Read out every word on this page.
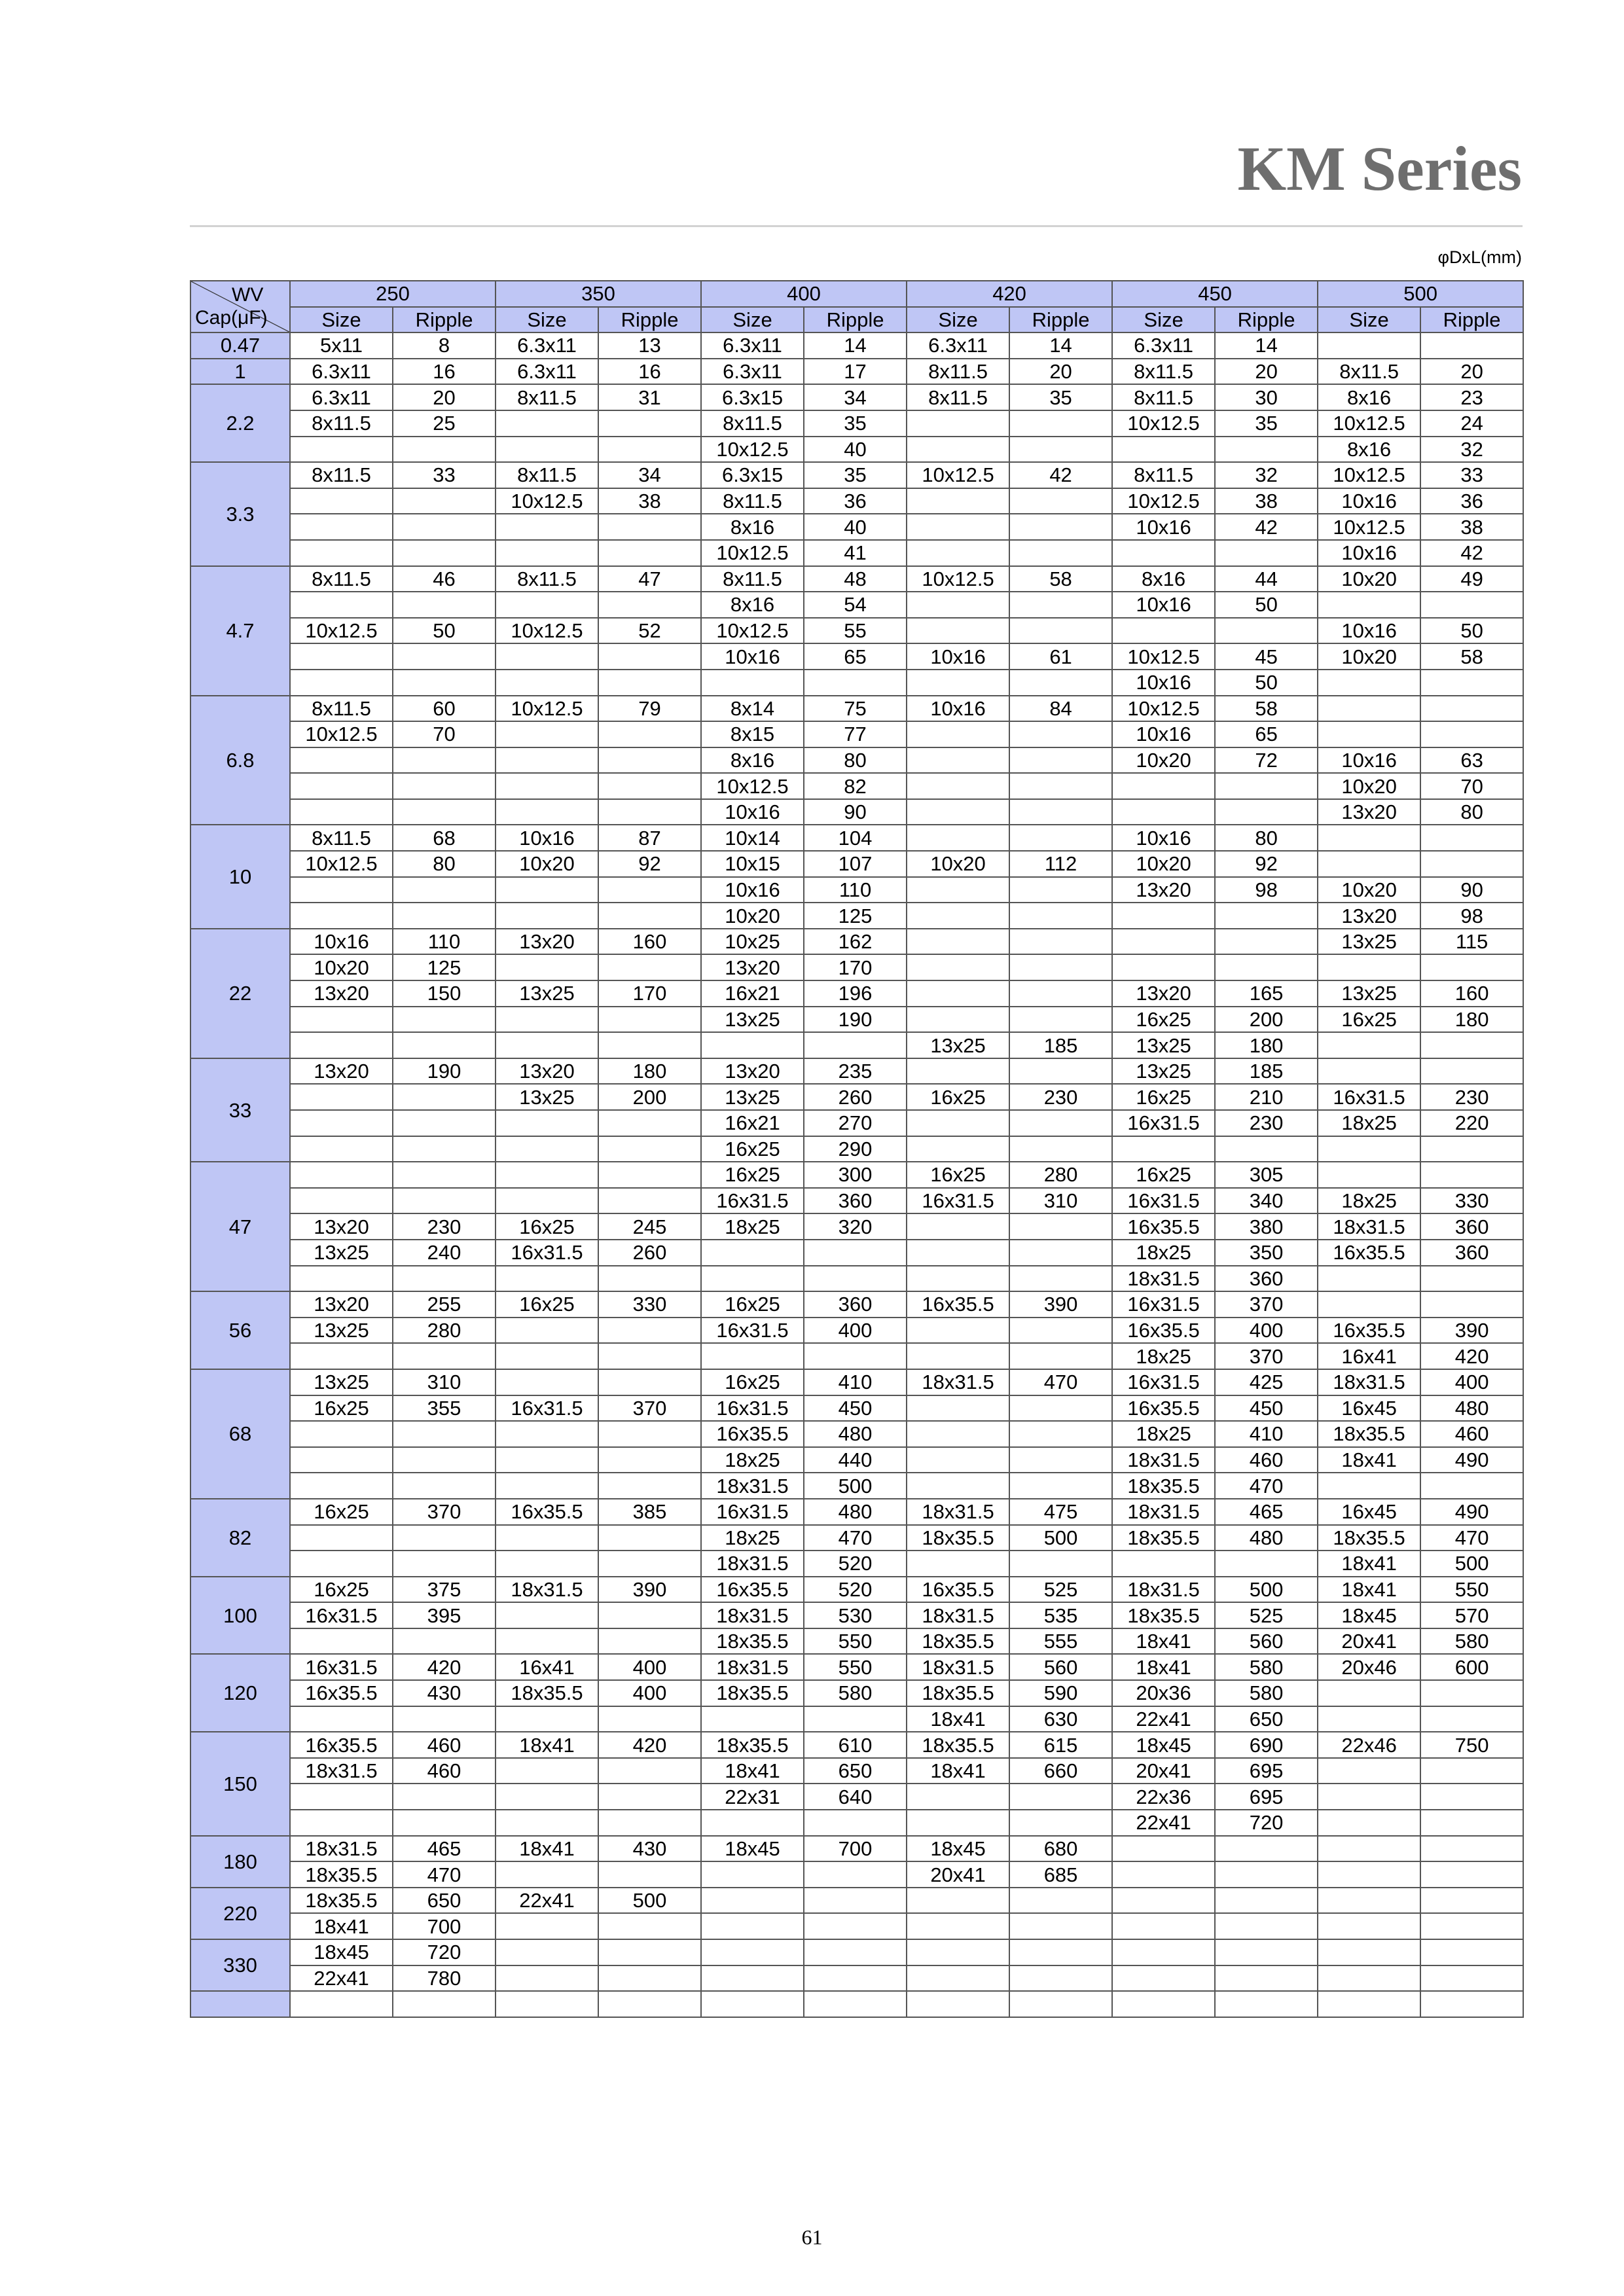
KM Series
φDxL(mm)
WV
Cap(μF)	250		350		400		420		450		500	
	Size	Ripple	Size	Ripple	Size	Ripple	Size	Ripple	Size	Ripple	Size	Ripple
0.47	5x11	8	6.3x11	13	6.3x11	14	6.3x11	14	6.3x11	14		
1	6.3x11	16	6.3x11	16	6.3x11	17	8x11.5	20	8x11.5	20	8x11.5	20
2.2	6.3x11	20	8x11.5	31	6.3x15	34	8x11.5	35	8x11.5	30	8x16	23
	8x11.5	25			8x11.5	35			10x12.5	35	10x12.5	24
					10x12.5	40					8x16	32
3.3	8x11.5	33	8x11.5	34	6.3x15	35	10x12.5	42	8x11.5	32	10x12.5	33
			10x12.5	38	8x11.5	36			10x12.5	38	10x16	36
					8x16	40			10x16	42	10x12.5	38
					10x12.5	41					10x16	42
4.7	8x11.5	46	8x11.5	47	8x11.5	48	10x12.5	58	8x16	44	10x20	49
					8x16	54			10x16	50		
	10x12.5	50	10x12.5	52	10x12.5	55					10x16	50
					10x16	65	10x16	61	10x12.5	45	10x20	58
									10x16	50		
6.8	8x11.5	60	10x12.5	79	8x14	75	10x16	84	10x12.5	58		
	10x12.5	70			8x15	77			10x16	65		
					8x16	80			10x20	72	10x16	63
					10x12.5	82					10x20	70
					10x16	90					13x20	80
10	8x11.5	68	10x16	87	10x14	104			10x16	80		
	10x12.5	80	10x20	92	10x15	107	10x20	112	10x20	92		
					10x16	110			13x20	98	10x20	90
					10x20	125					13x20	98
22	10x16	110	13x20	160	10x25	162					13x25	115
	10x20	125			13x20	170						
	13x20	150	13x25	170	16x21	196			13x20	165	13x25	160
					13x25	190			16x25	200	16x25	180
							13x25	185	13x25	180		
33	13x20	190	13x20	180	13x20	235			13x25	185		
			13x25	200	13x25	260	16x25	230	16x25	210	16x31.5	230
					16x21	270			16x31.5	230	18x25	220
					16x25	290						
47					16x25	300	16x25	280	16x25	305		
					16x31.5	360	16x31.5	310	16x31.5	340	18x25	330
	13x20	230	16x25	245	18x25	320			16x35.5	380	18x31.5	360
	13x25	240	16x31.5	260					18x25	350	16x35.5	360
									18x31.5	360		
56	13x20	255	16x25	330	16x25	360	16x35.5	390	16x31.5	370		
	13x25	280			16x31.5	400			16x35.5	400	16x35.5	390
									18x25	370	16x41	420
68	13x25	310			16x25	410	18x31.5	470	16x31.5	425	18x31.5	400
	16x25	355	16x31.5	370	16x31.5	450			16x35.5	450	16x45	480
					16x35.5	480			18x25	410	18x35.5	460
					18x25	440			18x31.5	460	18x41	490
					18x31.5	500			18x35.5	470		
82	16x25	370	16x35.5	385	16x31.5	480	18x31.5	475	18x31.5	465	16x45	490
					18x25	470	18x35.5	500	18x35.5	480	18x35.5	470
					18x31.5	520					18x41	500
100	16x25	375	18x31.5	390	16x35.5	520	16x35.5	525	18x31.5	500	18x41	550
	16x31.5	395			18x31.5	530	18x31.5	535	18x35.5	525	18x45	570
					18x35.5	550	18x35.5	555	18x41	560	20x41	580
120	16x31.5	420	16x41	400	18x31.5	550	18x31.5	560	18x41	580	20x46	600
	16x35.5	430	18x35.5	400	18x35.5	580	18x35.5	590	20x36	580		
							18x41	630	22x41	650		
150	16x35.5	460	18x41	420	18x35.5	610	18x35.5	615	18x45	690	22x46	750
	18x31.5	460			18x41	650	18x41	660	20x41	695		
					22x31	640			22x36	695		
									22x41	720		
180	18x31.5	465	18x41	430	18x45	700	18x45	680				
	18x35.5	470					20x41	685				
220	18x35.5	650	22x41	500								
	18x41	700										
330	18x45	720										
	22x41	780										

61
